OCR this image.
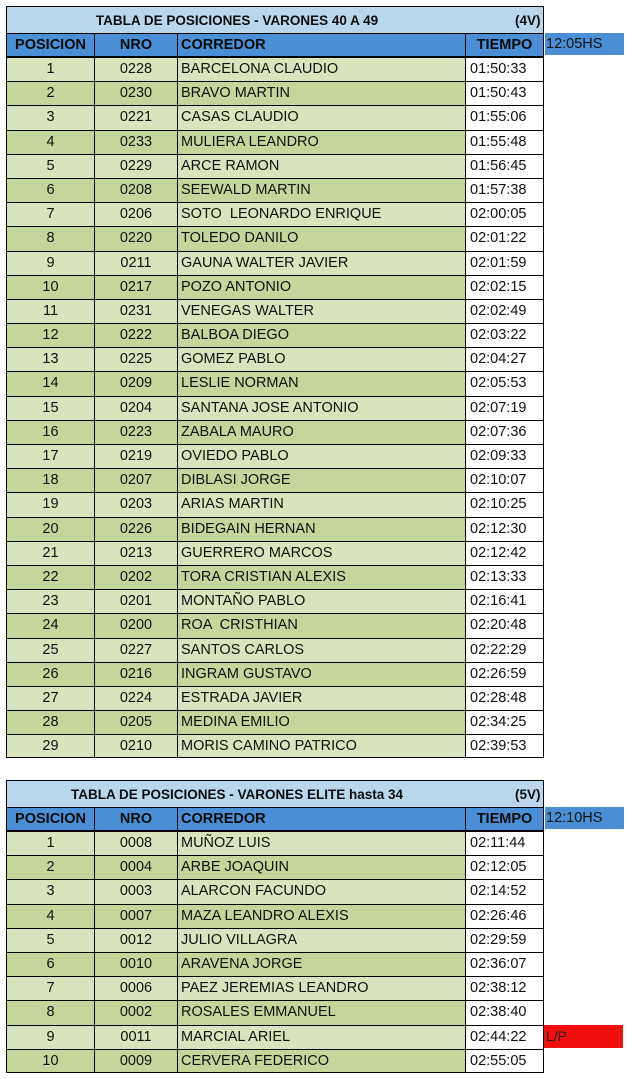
TABLA DE POSICIONES - VARONES 40 A 49	(4V)
POSICION	NRO	CORREDOR	TIEMPO 12:05HS
1	0228	BARCELONA CLAUDIO	01:50:33
2	0230	BRAVO MARTIN	01:50:43
3	0221	CASAS CLAUDIO	01:55:06
4	0233	MULIERA LEANDRO	01:55:48
5	0229	ARCE RAMON	01:56:45
6	0208	SEEWALD MARTIN	01:57:38
7	0206	SOTO  LEONARDO ENRIQUE	02:00:05
8	0220	TOLEDO DANILO	02:01:22
9	0211	GAUNA WALTER JAVIER	02:01:59
10	0217	POZO ANTONIO	02:02:15
11	0231	VENEGAS WALTER	02:02:49
12	0222	BALBOA DIEGO	02:03:22
13	0225	GOMEZ PABLO	02:04:27
14	0209	LESLIE NORMAN	02:05:53
15	0204	SANTANA JOSE ANTONIO	02:07:19
16	0223	ZABALA MAURO	02:07:36
17	0219	OVIEDO PABLO	02:09:33
18	0207	DIBLASI JORGE	02:10:07
19	0203	ARIAS MARTIN	02:10:25
20	0226	BIDEGAIN HERNAN	02:12:30
21	0213	GUERRERO MARCOS	02:12:42
22	0202	TORA CRISTIAN ALEXIS	02:13:33
23	0201	MONTAÑO PABLO	02:16:41
24	0200	ROA  CRISTHIAN	02:20:48
25	0227	SANTOS CARLOS	02:22:29
26	0216	INGRAM GUSTAVO	02:26:59
27	0224	ESTRADA JAVIER	02:28:48
28	0205	MEDINA EMILIO	02:34:25
29	0210	MORIS CAMINO PATRICO	02:39:53
TABLA DE POSICIONES - VARONES ELITE hasta 34	(5V)
POSICION	NRO	CORREDOR	TIEMPO 12:10HS
1	0008	MUÑOZ LUIS	02:11:44
2	0004	ARBE JOAQUIN	02:12:05
3	0003	ALARCON FACUNDO	02:14:52
4	0007	MAZA LEANDRO ALEXIS	02:26:46
5	0012	JULIO VILLAGRA	02:29:59
6	0010	ARAVENA JORGE	02:36:07
7	0006	PAEZ JEREMIAS LEANDRO	02:38:12
8	0002	ROSALES EMMANUEL	02:38:40
9	0011	MARCIAL ARIEL	02:44:22	L/P
10	0009	CERVERA FEDERICO	02:55:05
